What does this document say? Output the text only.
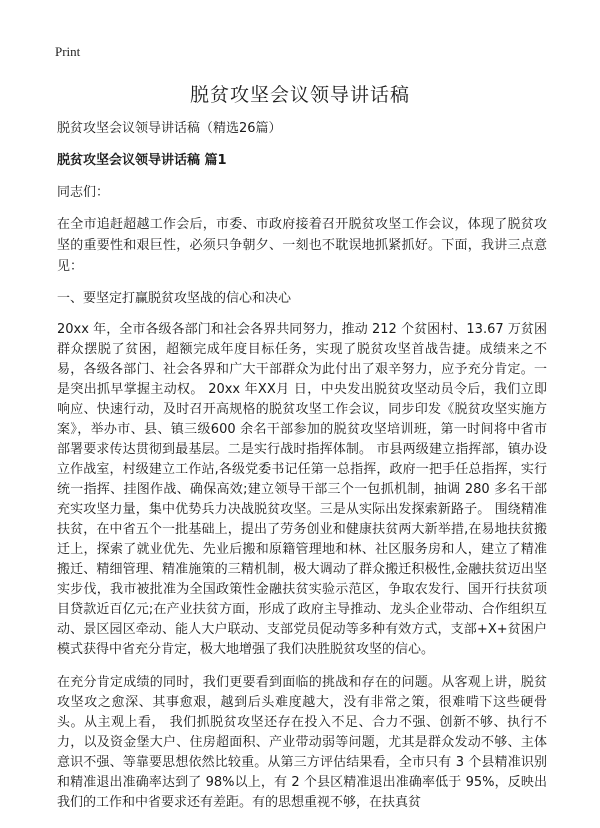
Print
脱贫攻坚会议领导讲话稿

脱贫攻坚会议领导讲话稿（精选26篇）

脱贫攻坚会议领导讲话稿 篇1

同志们：

在全市追赶超越工作会后，市委、市政府接着召开脱贫攻坚工作会议，体现了脱贫攻坚的重要性和艰巨性，必须只争朝夕、一刻也不耽误地抓紧抓好。下面，我讲三点意见：

一、要坚定打赢脱贫攻坚战的信心和决心

20xx 年，全市各级各部门和社会各界共同努力，推动 212 个贫困村、13.67 万贫困群众摆脱了贫困，超额完成年度目标任务，实现了脱贫攻坚首战告捷。成绩来之不易，各级各部门、社会各界和广大干部群众为此付出了艰辛努力，应予充分肯定。一是突出抓早掌握主动权。 20xx 年XX月 日，中央发出脱贫攻坚动员令后，我们立即响应、快速行动，及时召开高规格的脱贫攻坚工作会议，同步印发《脱贫攻坚实施方案》，举办市、县、镇三级600 余名干部参加的脱贫攻坚培训班，第一时间将中省市部署要求传达贯彻到最基层。二是实行战时指挥体制。 市县两级建立指挥部，镇办设立作战室，村级建立工作站,各级党委书记任第一总指挥，政府一把手任总指挥，实行统一指挥、挂图作战、确保高效;建立领导干部三个一包抓机制，抽调 280 多名干部充实攻坚力量，集中优势兵力决战脱贫攻坚。三是从实际出发探索新路子。 围绕精准扶贫，在中省五个一批基础上，提出了劳务创业和健康扶贫两大新举措,在易地扶贫搬迁上，探索了就业优先、先业后搬和原籍管理地和林、社区服务房和人，建立了精准搬迁、精细管理、精准施策的三精机制，极大调动了群众搬迁积极性,金融扶贫迈出坚实步伐，我市被批准为全国政策性金融扶贫实验示范区，争取农发行、国开行扶贫项目贷款近百亿元;在产业扶贫方面，形成了政府主导推动、龙头企业带动、合作组织互动、景区园区牵动、能人大户联动、支部党员促动等多种有效方式，支部+X+贫困户模式获得中省充分肯定，极大地增强了我们决胜脱贫攻坚的信心。

在充分肯定成绩的同时，我们更要看到面临的挑战和存在的问题。从客观上讲，脱贫攻坚攻之愈深、其事愈艰，越到后头难度越大，没有非常之策，很难啃下这些硬骨头。从主观上看， 我们抓脱贫攻坚还存在投入不足、合力不强、创新不够、执行不力，以及资金堡大户、住房超面积、产业带动弱等问题，尤其是群众发动不够、主体意识不强、等靠要思想依然比较重。从第三方评估结果看，全市只有 3 个县精准识别和精准退出准确率达到了 98%以上，有 2 个县区精准退出准确率低于 95%，反映出我们的工作和中省要求还有差距。有的思想重视不够，在扶真贫
